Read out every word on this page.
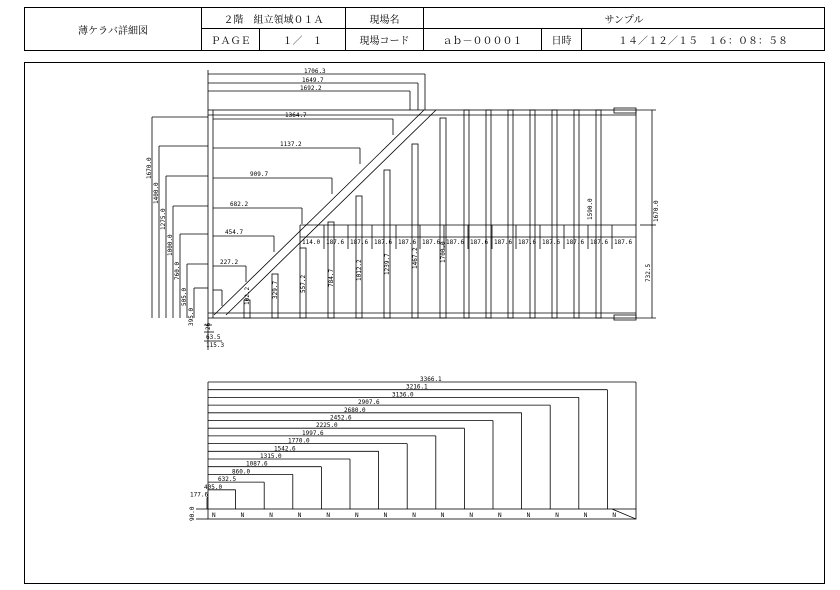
薄ケラバ詳細図
２階　組立領域０１Ａ	現場名	サンプル
ＰＡＧＥ	１／　１	現場コード	ａｂ－００００１	日時	１４／１２／１５　１６：０８：５８
1706.3
1649.7
1692.2
1364.7
1670.0
1137.2
1400.0
909.7
1275.0
682.2
1000.0
454.7
760.0	227.2
505.0
395.0
102.2	329.7	557.2	784.7	1012.2	1239.7	1467.2	1700.0
1590.0
114.0 187.6 187.6 187.6 187.6 187.6 187.6 187.6 187.6 187.6 187.6 187.6 187.6 187.6
1670.0
732.5
26
63.5
115.3
3366.1
3216.1
3136.0
2907.6
2680.0
2452.6
2225.0
1997.6
1770.0
1542.6
1315.0
1087.6
860.0
632.5
405.0
177.6
N	N	N	N	N	N	N	N	N	N	N	N	N	N	N
90.0
